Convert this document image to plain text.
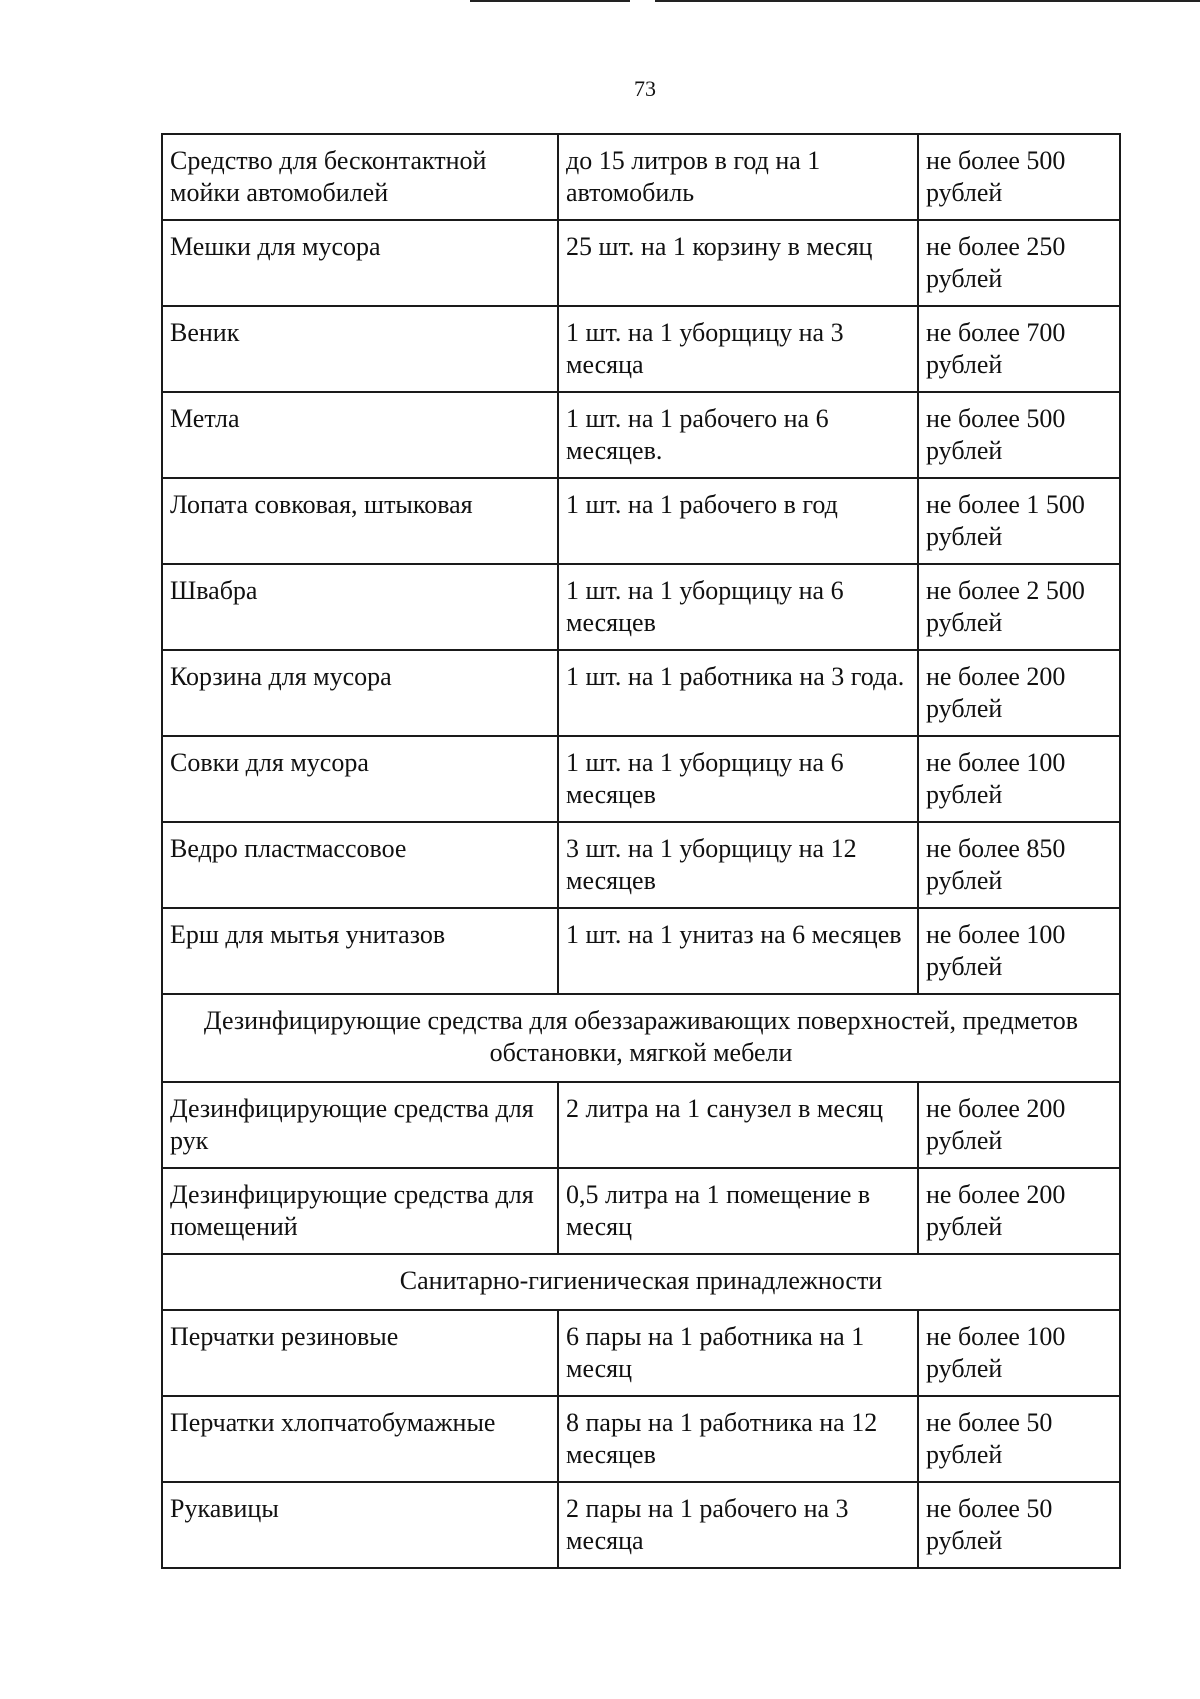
73
Средство для бесконтактной мойки автомобилей	до 15 литров в год на 1 автомобиль	не более 500 рублей
Мешки для мусора	25 шт. на 1 корзину в месяц	не более 250 рублей
Веник	1 шт. на 1 уборщицу на 3 месяца	не более 700 рублей
Метла	1 шт. на 1 рабочего на 6 месяцев.	не более 500 рублей
Лопата совковая, штыковая	1 шт. на 1 рабочего в год	не более 1 500 рублей
Швабра	1 шт. на 1 уборщицу на 6 месяцев	не более 2 500 рублей
Корзина для мусора	1 шт. на 1 работника на 3 года.	не более 200 рублей
Совки для мусора	1 шт. на 1 уборщицу на 6 месяцев	не более 100 рублей
Ведро пластмассовое	3 шт. на 1 уборщицу на 12 месяцев	не более 850 рублей
Ерш для мытья унитазов	1 шт. на 1 унитаз на 6 месяцев	не более 100 рублей
Дезинфицирующие средства для обеззараживающих поверхностей, предметов обстановки, мягкой мебели		
Дезинфицирующие средства для рук	2 литра на 1 санузел в месяц	не более 200 рублей
Дезинфицирующие средства для помещений	0,5 литра на 1 помещение в месяц	не более 200 рублей
Санитарно-гигиеническая принадлежности		
Перчатки резиновые	6 пары на 1 работника на 1 месяц	не более 100 рублей
Перчатки хлопчатобумажные	8 пары на 1 работника на 12 месяцев	не более 50 рублей
Рукавицы	2 пары на 1 рабочего на 3 месяца	не более 50 рублей
